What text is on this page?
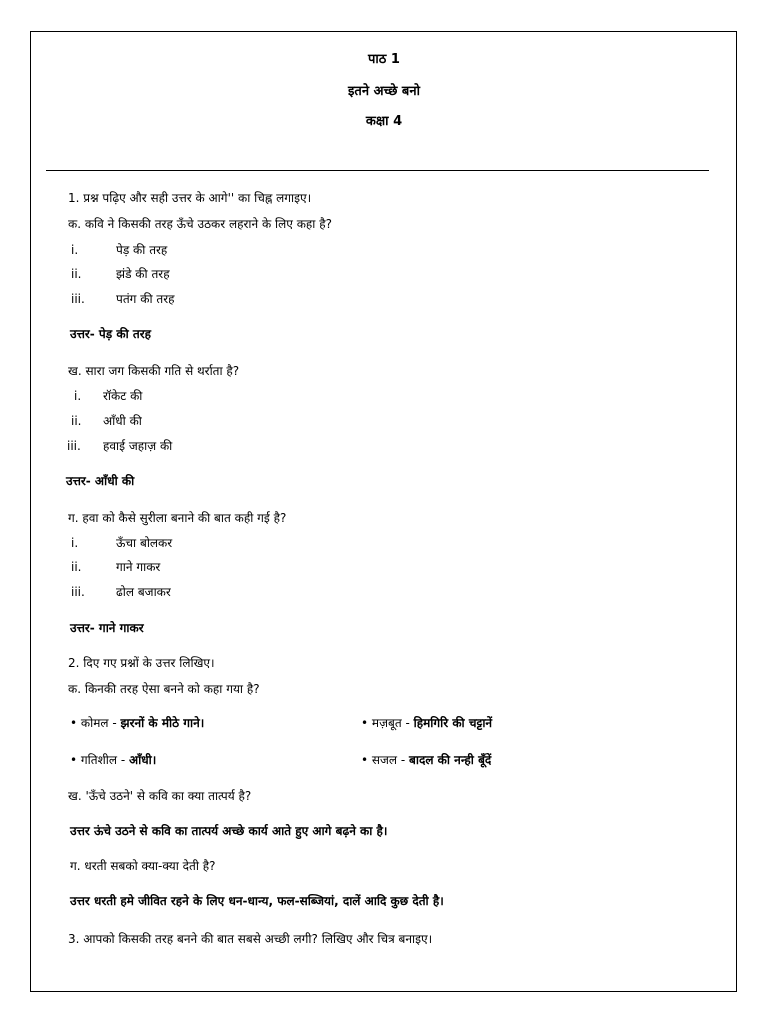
पाठ 1
इतने अच्छे बनो
कक्षा 4
1. प्रश्न पढ़िए और सही उत्तर के आगे'' का चिह्न लगाइए।
क. कवि ने किसकी तरह ऊँचे उठकर लहराने के लिए कहा है?
i.	पेड़ की तरह
ii.	झंडे की तरह
iii.	पतंग की तरह
उत्तर- पेड़ की तरह
ख. सारा जग किसकी गति से थर्राता है?
i. रॉकेट की
ii. आँधी की
iii. हवाई जहाज़ की
उत्तर- आँधी की
ग. हवा को कैसे सुरीला बनाने की बात कही गई है?
i.	ऊँचा बोलकर
ii.	गाने गाकर
iii.	ढोल बजाकर
उत्तर- गाने गाकर
2. दिए गए प्रश्नों के उत्तर लिखिए।
क. किनकी तरह ऐसा बनने को कहा गया है?
• कोमल - झरनों के मीठे गाने।	• मज़बूत - हिमगिरि की चट्टानें
• गतिशील - आँधी।	• सजल - बादल की नन्ही बूँदें
ख. 'ऊँचे उठने' से कवि का क्या तात्पर्य है?
उत्तर ऊंचे उठने से कवि का तात्पर्य अच्छे कार्य आते हुए आगे बढ़ने का है।
ग. धरती सबको क्या-क्या देती है?
उत्तर धरती हमे जीवित रहने के लिए धन-धान्य, फल-सब्जियां, दालें आदि कुछ देती है।
3. आपको किसकी तरह बनने की बात सबसे अच्छी लगी? लिखिए और चित्र बनाइए।
